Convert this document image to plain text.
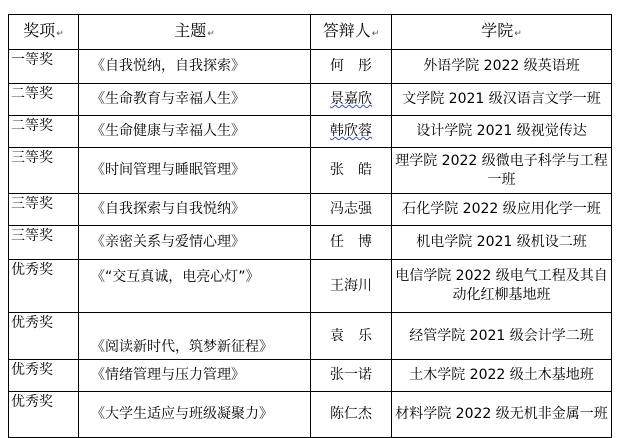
奖项↵	主题↵	答辩人↵	学院↵
一等奖	《自我悦纳，自我探索》	何　彤	外语学院 2022 级英语班
二等奖	《生命教育与幸福人生》	景嘉欣	文学院 2021 级汉语言文学一班
二等奖	《生命健康与幸福人生》	韩欣蓉	设计学院 2021 级视觉传达
三等奖	《时间管理与睡眠管理》	张　皓	理学院 2022 级微电子科学与工程一班
三等奖	《自我探索与自我悦纳》	冯志强	石化学院 2022 级应用化学一班
三等奖	《亲密关系与爱情心理》	任　博	机电学院 2021 级机设二班
优秀奖	《“交互真诚，电亮心灯”》	王海川	电信学院 2022 级电气工程及其自动化红柳基地班
优秀奖	《阅读新时代，筑梦新征程》	袁　乐	经管学院 2021 级会计学二班
优秀奖	《情绪管理与压力管理》	张一诺	土木学院 2022 级土木基地班
优秀奖	《大学生适应与班级凝聚力》	陈仁杰	材料学院 2022 级无机非金属一班
